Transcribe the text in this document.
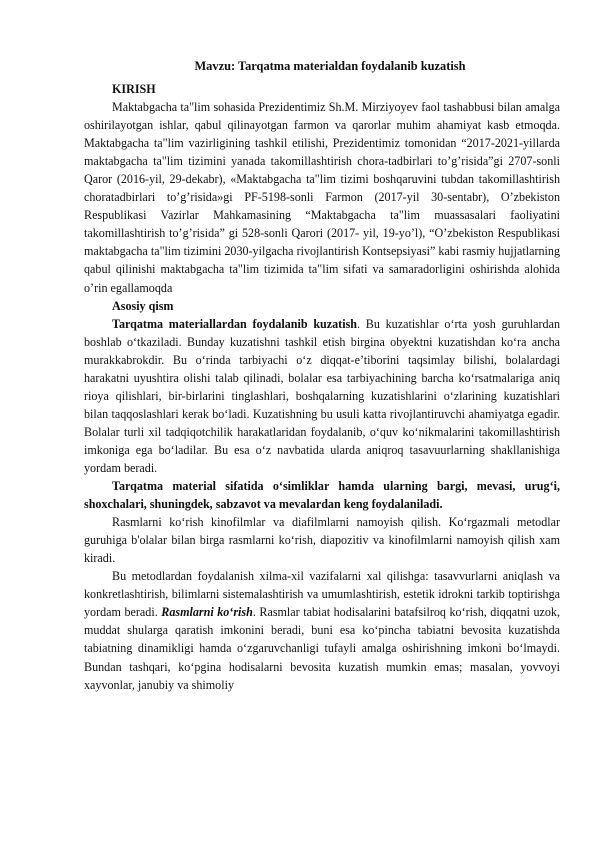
Mavzu: Tarqatma materialdan foydalanib kuzatish

KIRISH

Maktabgacha ta"lim sohasida Prezidentimiz Sh.M. Mirziyoyev faol tashabbusi bilan amalga oshirilayotgan ishlar, qabul qilinayotgan farmon va qarorlar muhim ahamiyat kasb etmoqda. Maktabgacha ta"lim vazirligining tashkil etilishi, Prezidentimiz tomonidan “2017-2021-yillarda maktabgacha ta"lim tizimini yanada takomillashtirish chora-tadbirlari to’g’risida”gi 2707-sonli Qaror (2016-yil, 29-dekabr), «Maktabgacha ta"lim tizimi boshqaruvini tubdan takomillashtirish choratadbirlari to’g’risida»gi PF-5198-sonli Farmon (2017-yil 30-sentabr), O’zbekiston Respublikasi Vazirlar Mahkamasining “Maktabgacha ta"lim muassasalari faoliyatini takomillashtirish to’g’risida” gi 528-sonli Qarori (2017- yil, 19-yo’l), “O’zbekiston Respublikasi maktabgacha ta"lim tizimini 2030-yilgacha rivojlantirish Kontsepsiyasi” kabi rasmiy hujjatlarning qabul qilinishi maktabgacha ta"lim tizimida ta"lim sifati va samaradorligini oshirishda alohida o’rin egallamoqda

Asosiy qism

Tarqatma materiallardan foydalanib kuzatish. Bu kuzatishlar o‘rta yosh guruhlardan boshlab o‘tkaziladi. Bunday kuzatishni tashkil etish birgina obyektni kuzatishdan ko‘ra ancha murakkabrokdir. Bu o‘rinda tarbiyachi o‘z diqqat-e’tiborini taqsimlay bilishi, bolalardagi harakatni uyushtira olishi talab qilinadi, bolalar esa tarbiyachining barcha ko‘rsatmalariga aniq rioya qilishlari, bir-birlarini tinglashlari, boshqalarning kuzatishlarini o‘zlarining kuzatishlari bilan taqqoslashlari kerak bo‘ladi. Kuzatishning bu usuli katta rivojlantiruvchi ahamiyatga egadir. Bolalar turli xil tadqiqotchilik harakatlaridan foydalanib, o‘quv ko‘nikmalarini takomillashtirish imkoniga ega bo‘ladilar. Bu esa o‘z navbatida ularda aniqroq tasavuurlarning shakllanishiga yordam beradi.

Tarqatma material sifatida o‘simliklar hamda ularning bargi, mevasi, urug‘i, shoxchalari, shuningdek, sabzavot va mevalardan keng foydalaniladi.

Rasmlarni ko‘rish kinofilmlar va diafilmlarni namoyish qilish. Ko‘rgazmali metodlar guruhiga b'olalar bilan birga rasmlarni ko‘rish, diapozitiv va kinofilmlarni namoyish qilish xam kiradi.

Bu metodlardan foydalanish xilma-xil vazifalarni xal qilishga: tasavvurlarni aniqlash va konkretlashtirish, bilimlarni sistemalashtirish va umumlashtirish, estetik idrokni tarkib toptirishga yordam beradi. Rasmlarni ko‘rish. Rasmlar tabiat hodisalarini batafsilroq ko‘rish, diqqatni uzok, muddat shularga qaratish imkonini beradi, buni esa ko‘pincha tabiatni bevosita kuzatishda tabiatning dinamikligi hamda o‘zgaruvchanligi tufayli amalga oshirishning imkoni bo‘lmaydi. Bundan tashqari, ko‘pgina hodisalarni bevosita kuzatish mumkin emas; masalan, yovvoyi xayvonlar, janubiy va shimoliy
